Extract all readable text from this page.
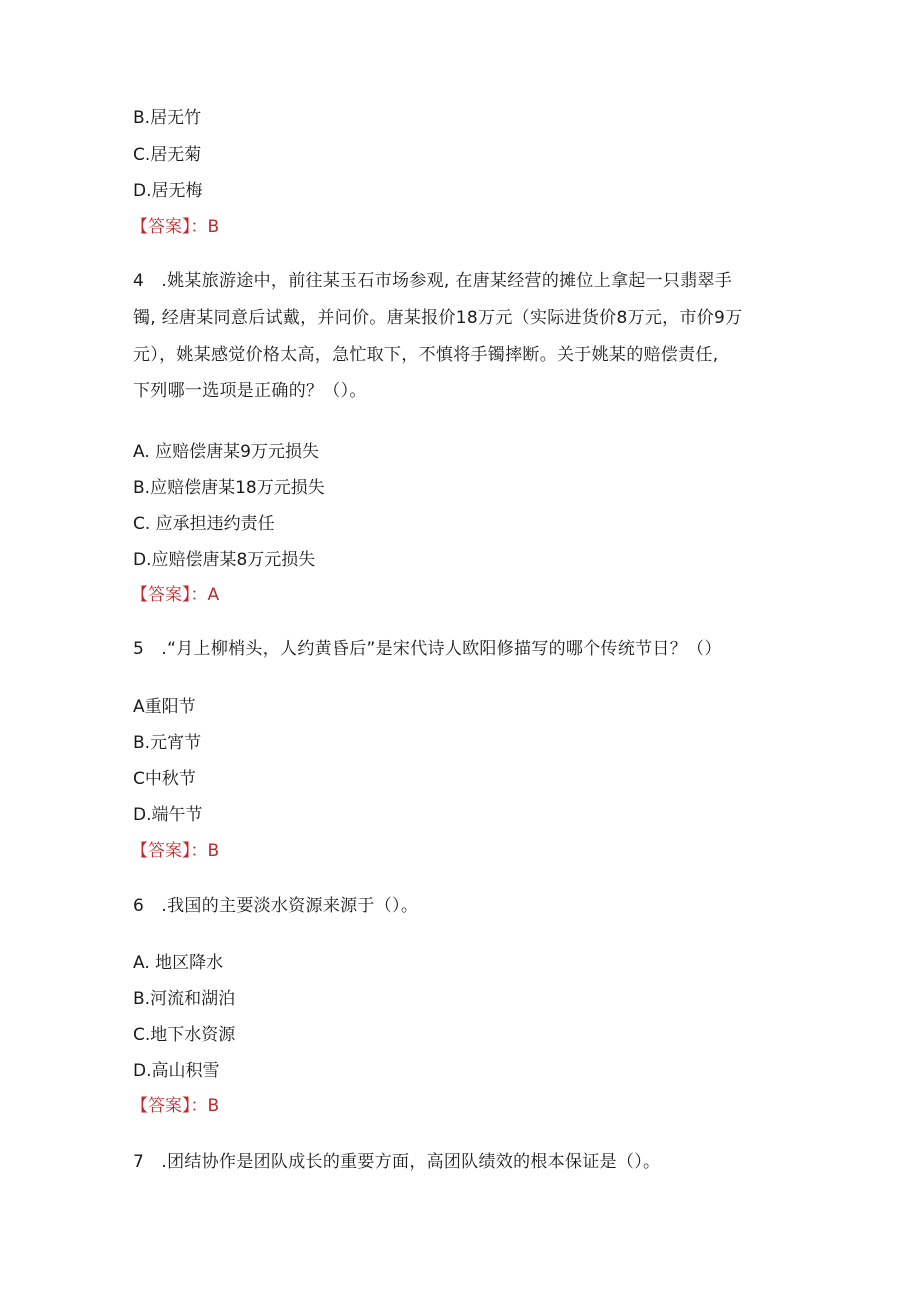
B.居无竹

C.居无菊

D.居无梅

【答案】：B

4　.姚某旅游途中，前往某玉石市场参观, 在唐某经营的摊位上拿起一只翡翠手

镯, 经唐某同意后试戴，并问价。唐某报价18万元（实际进货价8万元，市价9万

元），姚某感觉价格太高，急忙取下，不慎将手镯摔断。关于姚某的赔偿责任,

下列哪一选项是正确的？（）。

A. 应赔偿唐某9万元损失

B.应赔偿唐某18万元损失

C. 应承担违约责任

D.应赔偿唐某8万元损失

【答案】：A

5　.“月上柳梢头，人约黄昏后”是宋代诗人欧阳修描写的哪个传统节日？（）

A重阳节

B.元宵节

C中秋节

D.端午节

【答案】：B

6　.我国的主要淡水资源来源于（）。

A. 地区降水

B.河流和湖泊

C.地下水资源

D.高山积雪

【答案】：B

7　.团结协作是团队成长的重要方面，高团队绩效的根本保证是（）。
